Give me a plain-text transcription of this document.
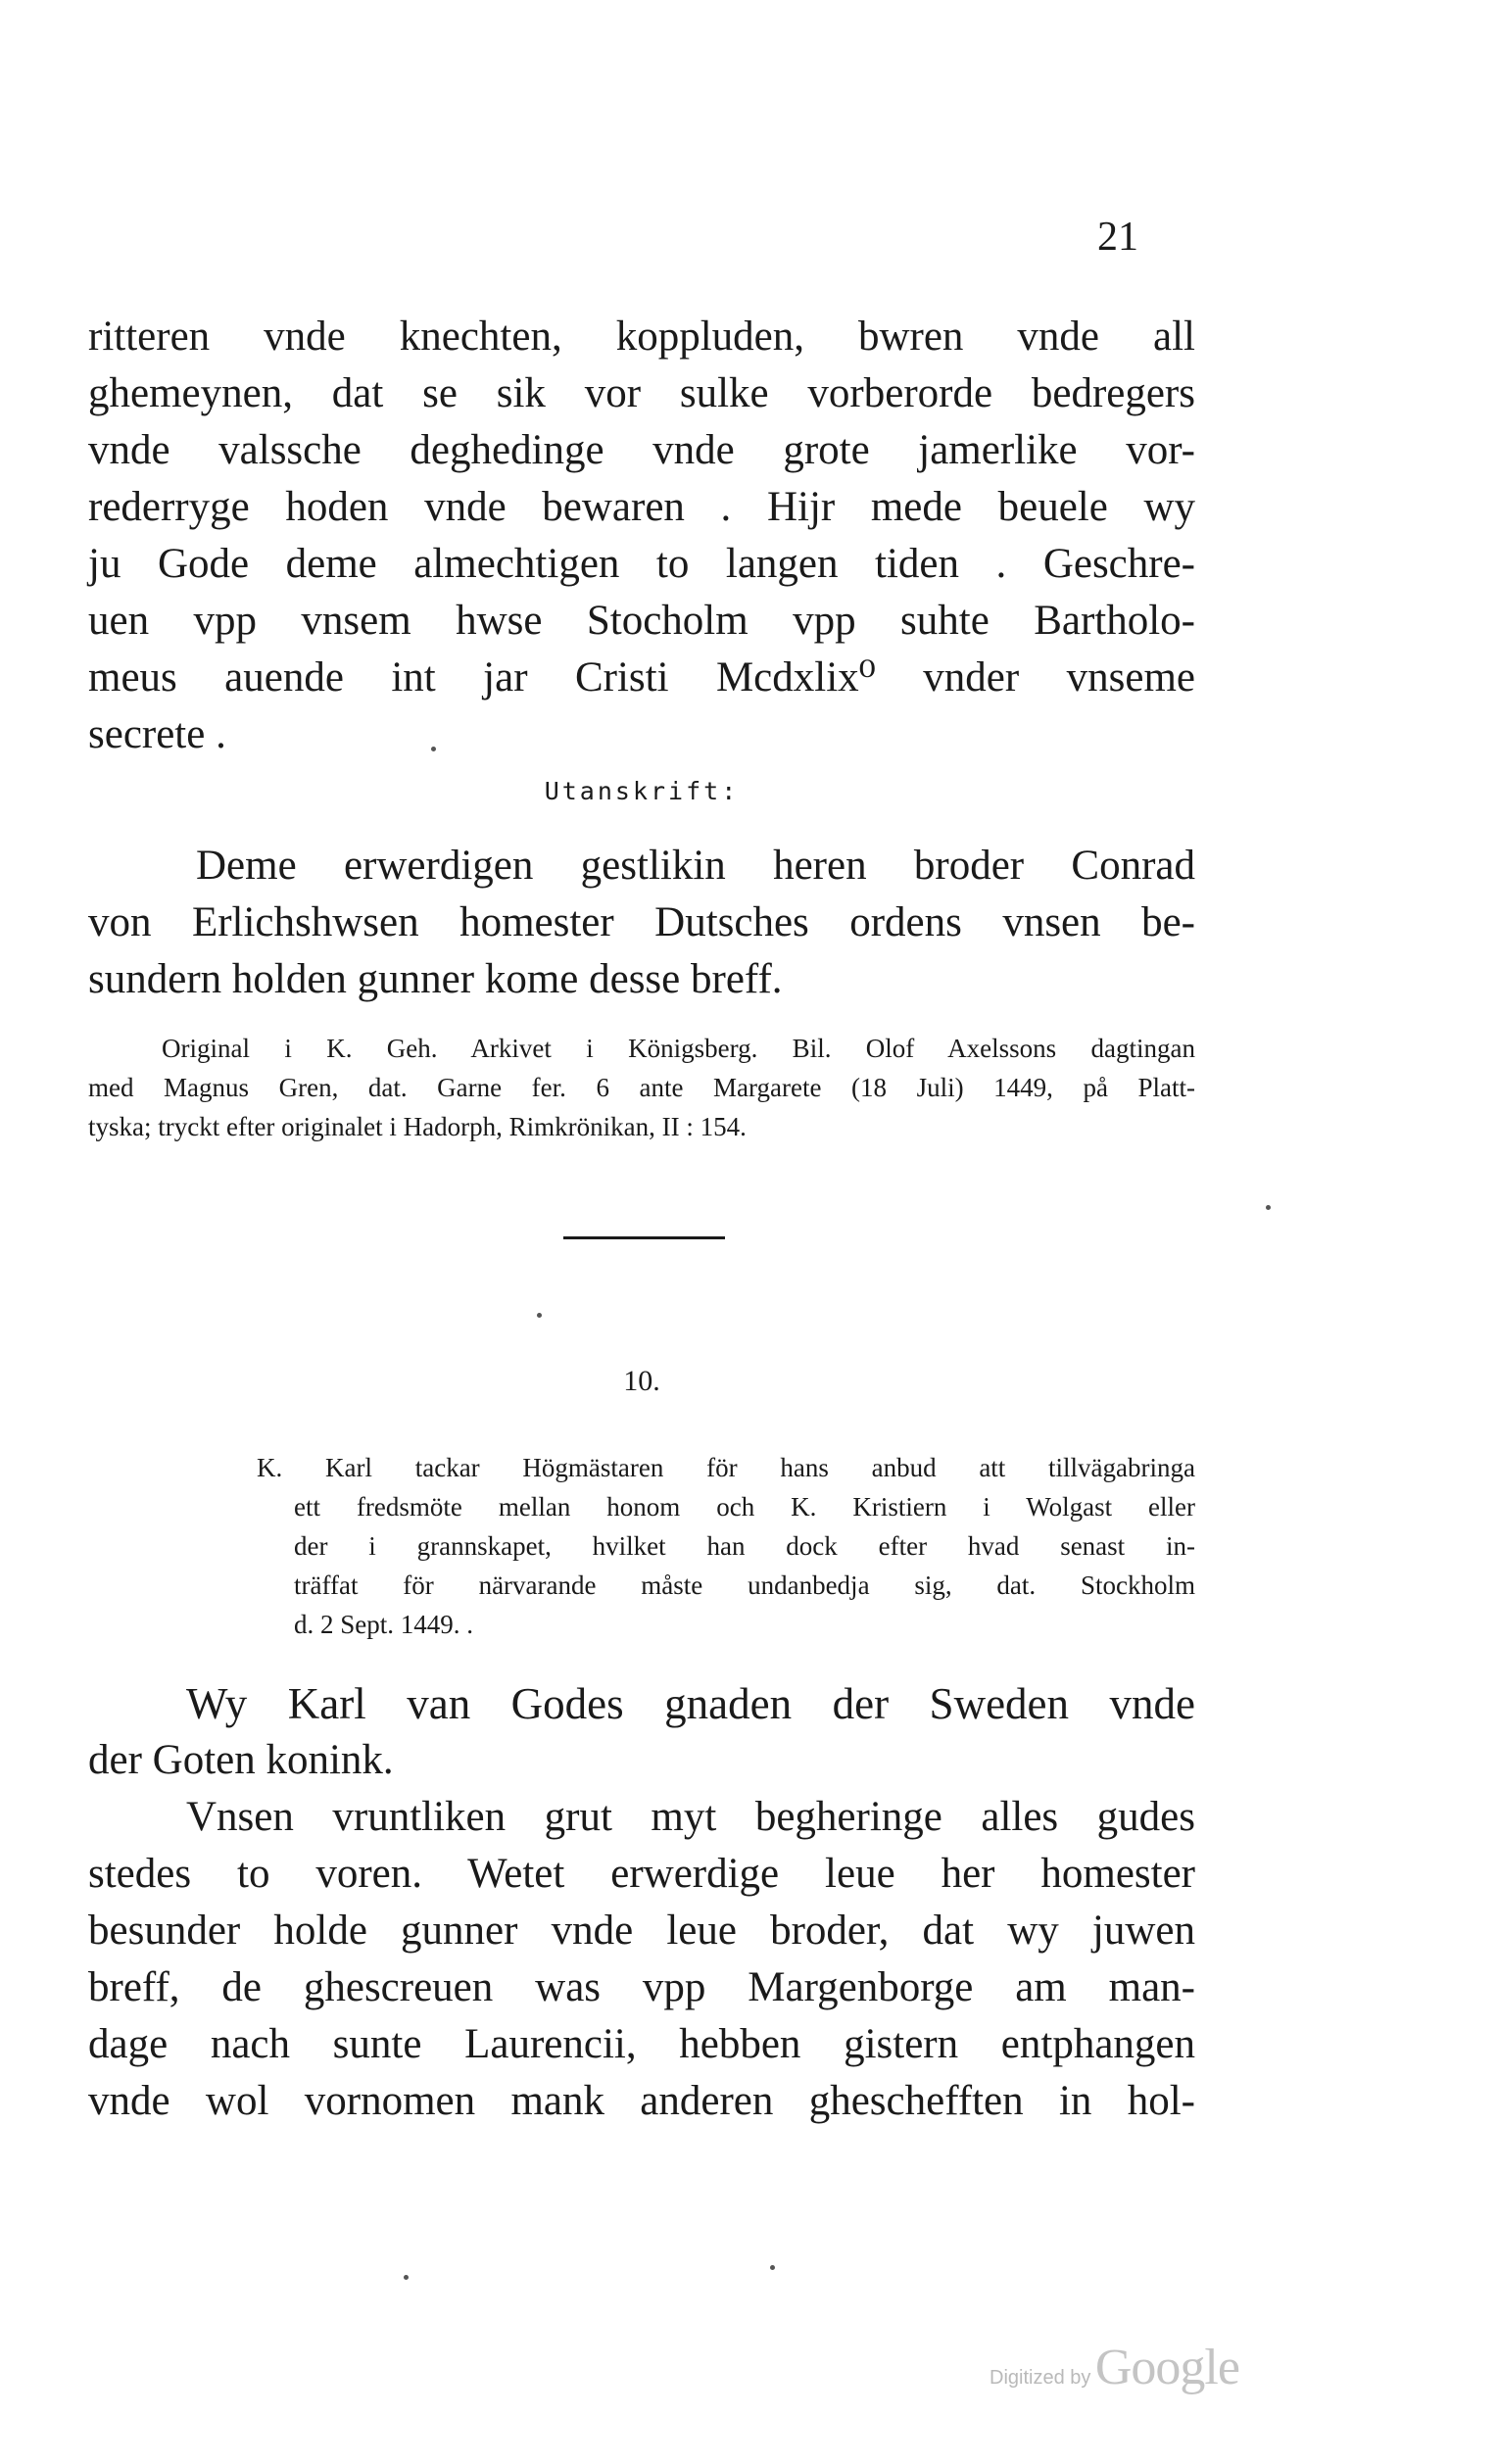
21
ritteren vnde knechten, koppluden, bwren vnde all
ghemeynen, dat se sik vor sulke vorberorde bedregers
vnde valssche deghedinge vnde grote jamerlike vor-
rederryge hoden vnde bewaren . Hijr mede beuele wy
ju Gode deme almechtigen to langen tiden . Geschre-
uen vpp vnsem hwse Stocholm vpp suhte Bartholo-
meus auende int jar Cristi Mcdxlix⁰ vnder vnseme
secrete .
Utanskrift:
Deme erwerdigen gestlikin heren broder Conrad
von Erlichshwsen homester Dutsches ordens vnsen be-
sundern holden gunner kome desse breff.
Original i K. Geh. Arkivet i Königsberg. Bil. Olof Axelssons dagtingan
med Magnus Gren, dat. Garne fer. 6 ante Margarete (18 Juli) 1449, på Platt-
tyska; tryckt efter originalet i Hadorph, Rimkrönikan, II : 154.
10.
K. Karl tackar Högmästaren för hans anbud att tillvägabringa
ett fredsmöte mellan honom och K. Kristiern i Wolgast eller
der i grannskapet, hvilket han dock efter hvad senast in-
träffat för närvarande måste undanbedja sig, dat. Stockholm
d. 2 Sept. 1449. .
Wy Karl van Godes gnaden der Sweden vnde
der Goten konink.
Vnsen vruntliken grut myt begheringe alles gudes
stedes to voren. Wetet erwerdige leue her homester
besunder holde gunner vnde leue broder, dat wy juwen
breff, de ghescreuen was vpp Margenborge am man-
dage nach sunte Laurencii, hebben gistern entphangen
vnde wol vornomen mank anderen gheschefften in hol-
Digitized by Google
